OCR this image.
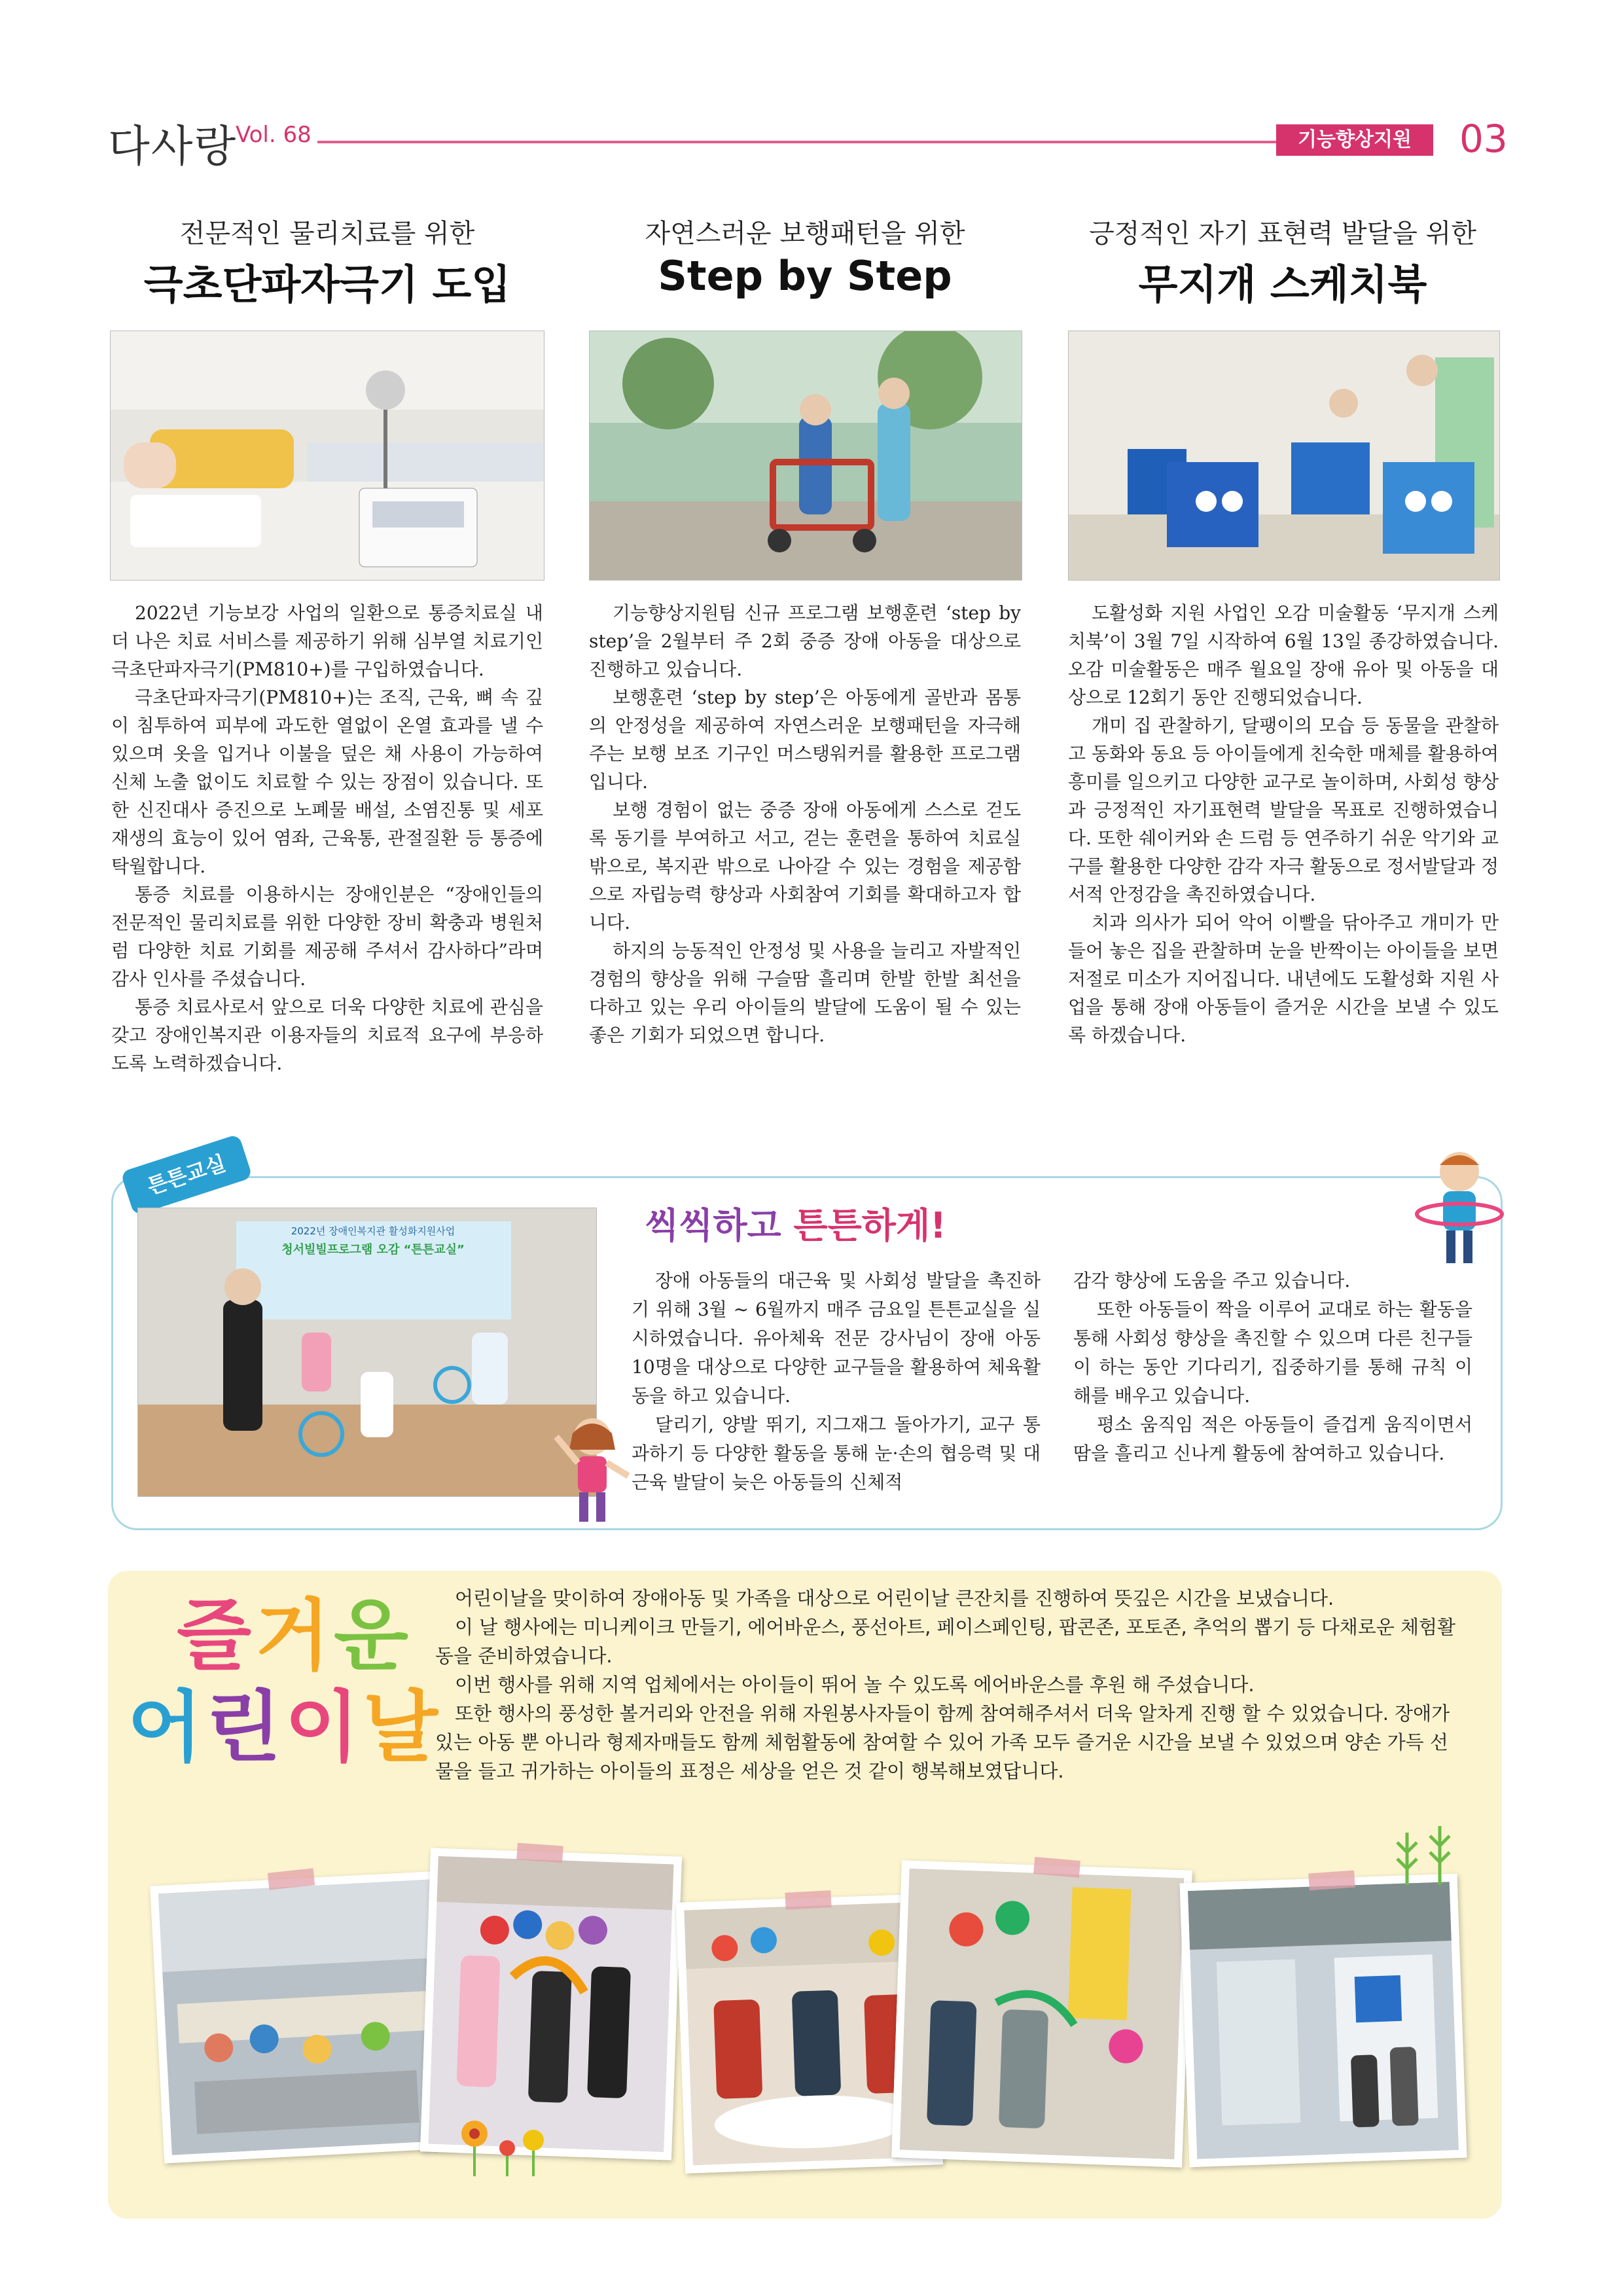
다사랑
Vol. 68	기능향상지원	03
전문적인 물리치료를 위한
극초단파자극기 도입

2022년 기능보강 사업의 일환으로 통증치료실 내 더 나은 치료 서비스를 제공하기 위해 심부열 치료기인 극초단파자극기(PM810+)를 구입하였습니다.

극초단파자극기(PM810+)는 조직, 근육, 뼈 속 깊이 침투하여 피부에 과도한 열없이 온열 효과를 낼 수 있으며 옷을 입거나 이불을 덮은 채 사용이 가능하여 신체 노출 없이도 치료할 수 있는 장점이 있습니다. 또한 신진대사 증진으로 노폐물 배설, 소염진통 및 세포재생의 효능이 있어 염좌, 근육통, 관절질환 등 통증에 탁월합니다.

통증 치료를 이용하시는 장애인분은 “장애인들의 전문적인 물리치료를 위한 다양한 장비 확충과 병원처럼 다양한 치료 기회를 제공해 주셔서 감사하다”라며 감사 인사를 주셨습니다.

통증 치료사로서 앞으로 더욱 다양한 치료에 관심을 갖고 장애인복지관 이용자들의 치료적 요구에 부응하도록 노력하겠습니다.

자연스러운 보행패턴을 위한
Step by Step

기능향상지원팀 신규 프로그램 보행훈련 ‘step by step’을 2월부터 주 2회 중증 장애 아동을 대상으로 진행하고 있습니다.

보행훈련 ‘step by step’은 아동에게 골반과 몸통의 안정성을 제공하여 자연스러운 보행패턴을 자극해 주는 보행 보조 기구인 머스탱워커를 활용한 프로그램입니다.

보행 경험이 없는 중증 장애 아동에게 스스로 걷도록 동기를 부여하고 서고, 걷는 훈련을 통하여 치료실 밖으로, 복지관 밖으로 나아갈 수 있는 경험을 제공함으로 자립능력 향상과 사회참여 기회를 확대하고자 합니다.

하지의 능동적인 안정성 및 사용을 늘리고 자발적인 경험의 향상을 위해 구슬땀 흘리며 한발 한발 최선을 다하고 있는 우리 아이들의 발달에 도움이 될 수 있는 좋은 기회가 되었으면 합니다.

긍정적인 자기 표현력 발달을 위한
무지개 스케치북

도활성화 지원 사업인 오감 미술활동 ‘무지개 스케치북’이 3월 7일 시작하여 6월 13일 종강하였습니다. 오감 미술활동은 매주 월요일 장애 유아 및 아동을 대상으로 12회기 동안 진행되었습니다.

개미 집 관찰하기, 달팽이의 모습 등 동물을 관찰하고 동화와 동요 등 아이들에게 친숙한 매체를 활용하여 흥미를 일으키고 다양한 교구로 놀이하며, 사회성 향상과 긍정적인 자기표현력 발달을 목표로 진행하였습니다. 또한 쉐이커와 손 드럼 등 연주하기 쉬운 악기와 교구를 활용한 다양한 감각 자극 활동으로 정서발달과 정서적 안정감을 촉진하였습니다.

치과 의사가 되어 악어 이빨을 닦아주고 개미가 만들어 놓은 집을 관찰하며 눈을 반짝이는 아이들을 보면 저절로 미소가 지어집니다. 내년에도 도활성화 지원 사업을 통해 장애 아동들이 즐거운 시간을 보낼 수 있도록 하겠습니다.

튼튼교실
2022년 장애인복지관 활성화지원사업
청서빌빌프로그램 오감 “튼튼교실”
씩씩하고 튼튼하게!

장애 아동들의 대근육 및 사회성 발달을 촉진하기 위해 3월 ~ 6월까지 매주 금요일 튼튼교실을 실시하였습니다. 유아체육 전문 강사님이 장애 아동 10명을 대상으로 다양한 교구들을 활용하여 체육활동을 하고 있습니다.

달리기, 양발 뛰기, 지그재그 돌아가기, 교구 통과하기 등 다양한 활동을 통해 눈·손의 협응력 및 대근육 발달이 늦은 아동들의 신체적

감각 향상에 도움을 주고 있습니다.

또한 아동들이 짝을 이루어 교대로 하는 활동을 통해 사회성 향상을 촉진할 수 있으며 다른 친구들이 하는 동안 기다리기, 집중하기를 통해 규칙 이해를 배우고 있습니다.

평소 움직임 적은 아동들이 즐겁게 움직이면서 땀을 흘리고 신나게 활동에 참여하고 있습니다.

즐거운
어린이날

어린이날을 맞이하여 장애아동 및 가족을 대상으로 어린이날 큰잔치를 진행하여 뜻깊은 시간을 보냈습니다.

이 날 행사에는 미니케이크 만들기, 에어바운스, 풍선아트, 페이스페인팅, 팝콘존, 포토존, 추억의 뽑기 등 다채로운 체험활동을 준비하였습니다.

이번 행사를 위해 지역 업체에서는 아이들이 뛰어 놀 수 있도록 에어바운스를 후원 해 주셨습니다.

또한 행사의 풍성한 볼거리와 안전을 위해 자원봉사자들이 함께 참여해주셔서 더욱 알차게 진행 할 수 있었습니다. 장애가 있는 아동 뿐 아니라 형제자매들도 함께 체험활동에 참여할 수 있어 가족 모두 즐거운 시간을 보낼 수 있었으며 양손 가득 선물을 들고 귀가하는 아이들의 표정은 세상을 얻은 것 같이 행복해보였답니다.
